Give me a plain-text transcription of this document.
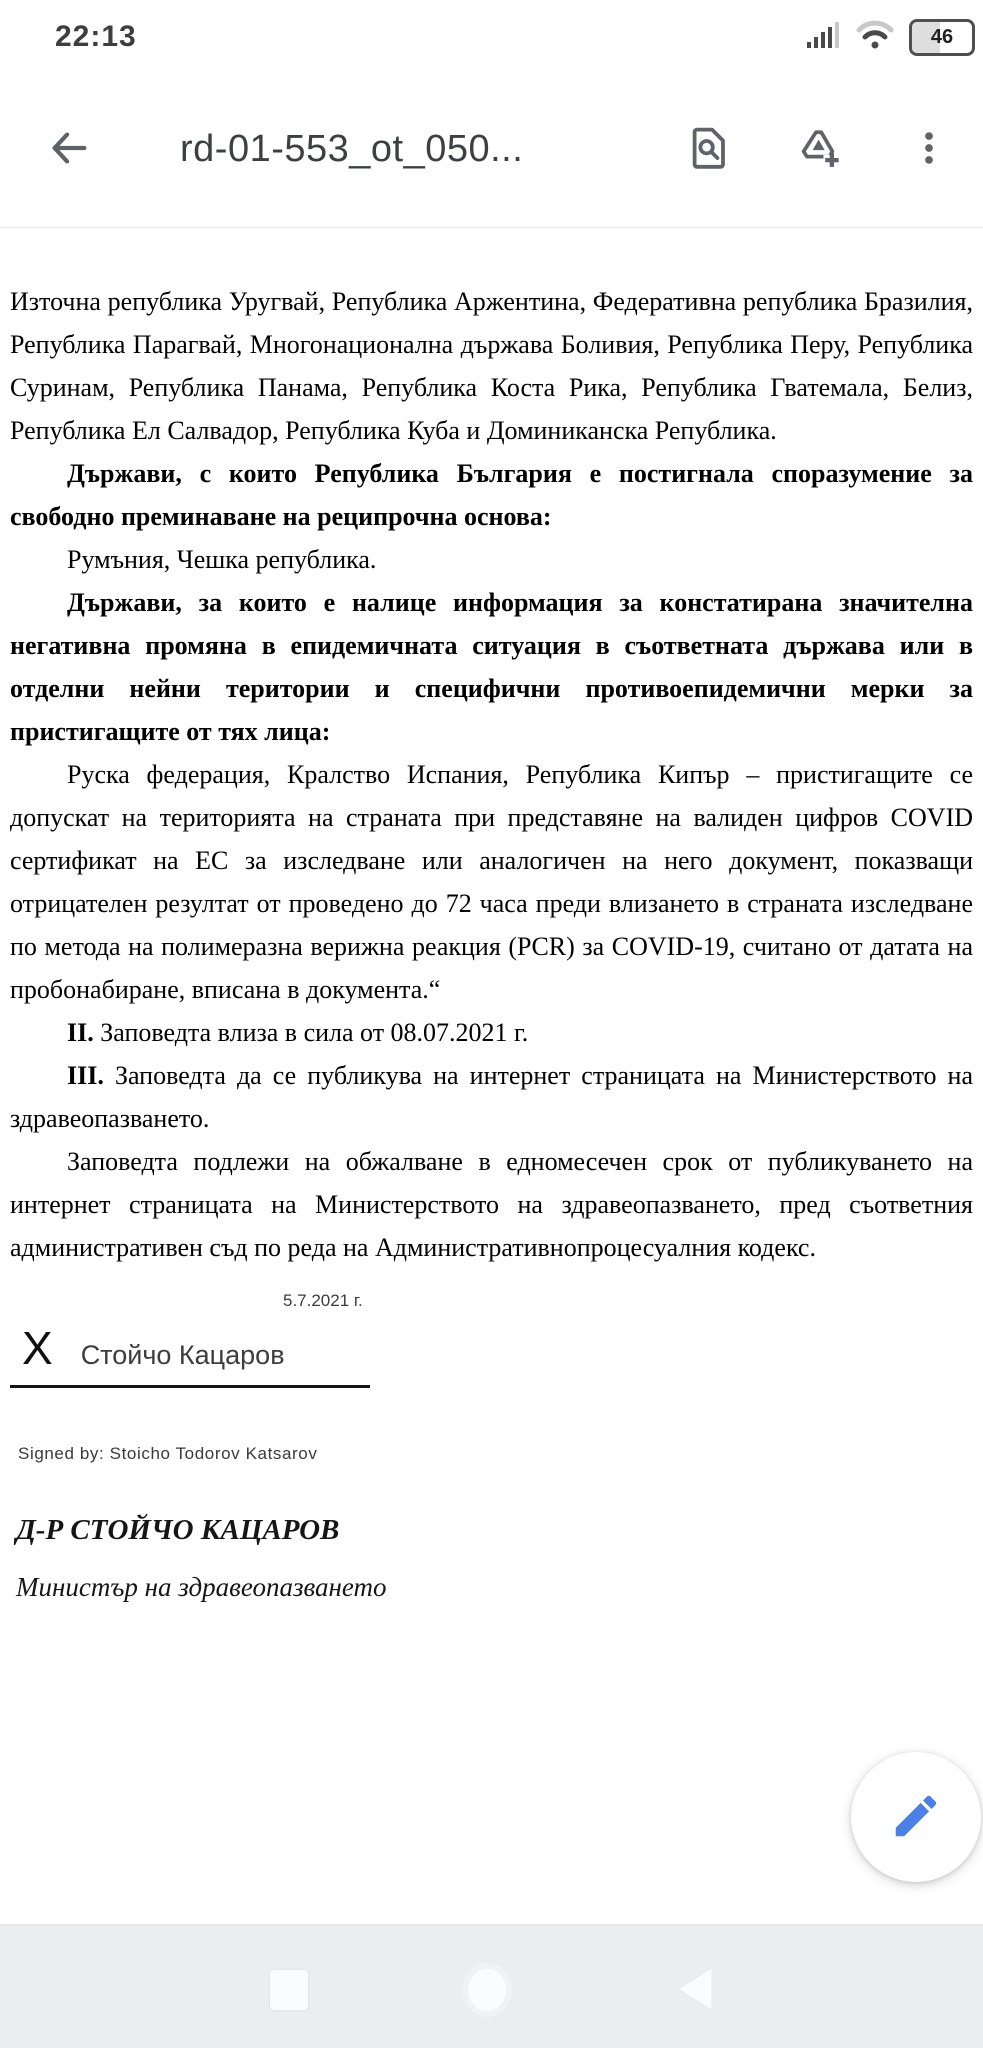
22:13	46
rd-01-553_ot_050...

Източна република Уругвай, Република Аржентина, Федеративна република Бразилия, Република Парагвай, Многонационална държава Боливия, Република Перу, Република Суринам, Република Панама, Република Коста Рика, Република Гватемала, Белиз, Република Ел Салвадор, Република Куба и Доминиканска Република.

Държави, с които Република България е постигнала споразумение за свободно преминаване на реципрочна основа:

Румъния, Чешка република.

Държави, за които е налице информация за констатирана значителна негативна промяна в епидемичната ситуация в съответната държава или в отделни нейни територии и специфични противоепидемични мерки за пристигащите от тях лица:

Руска федерация, Кралство Испания, Република Кипър – пристигащите се допускат на територията на страната при представяне на валиден цифров COVID сертификат на ЕС за изследване или аналогичен на него документ, показващи отрицателен резултат от проведено до 72 часа преди влизането в страната изследване по метода на полимеразна верижна реакция (PCR) за COVID-19, считано от датата на пробонабиране, вписана в документа.“

II. Заповедта влиза в сила от 08.07.2021 г.

III. Заповедта да се публикува на интернет страницата на Министерството на здравеопазването.

Заповедта подлежи на обжалване в едномесечен срок от публикуването на интернет страницата на Министерството на здравеопазването, пред съответния административен съд по реда на Административнопроцесуалния кодекс.

5.7.2021 г.
X Стойчо Кацаров
Signed by: Stoicho Todorov Katsarov
Д-Р СТОЙЧО КАЦАРОВ
Министър на здравеопазването
